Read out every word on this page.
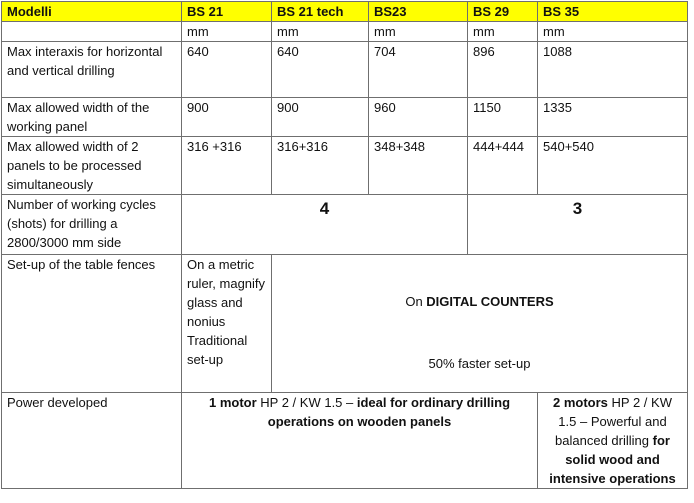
Modelli	BS 21	BS 21 tech	BS23	BS 29	BS 35
	mm	mm	mm	mm	mm
Max interaxis for horizontal and vertical drilling	640	640	704	896	1088
Max allowed width of the working panel	900	900	960	1150	1335
Max allowed width of 2 panels to be processed simultaneously	316 +316	316+316	348+348	444+444	540+540
Number of working cycles (shots) for drilling a 2800/3000 mm side	4			3	
Set-up of the table fences	On a metric ruler, magnify glass and nonius Traditional set-up	On DIGITAL COUNTERS
50% faster set-up			

Power developed	1 motor HP 2 / KW 1.5 – ideal for ordinary drilling operations on wooden panels				2 motors HP 2 / KW 1.5 – Powerful and balanced drilling for solid wood and intensive operations
